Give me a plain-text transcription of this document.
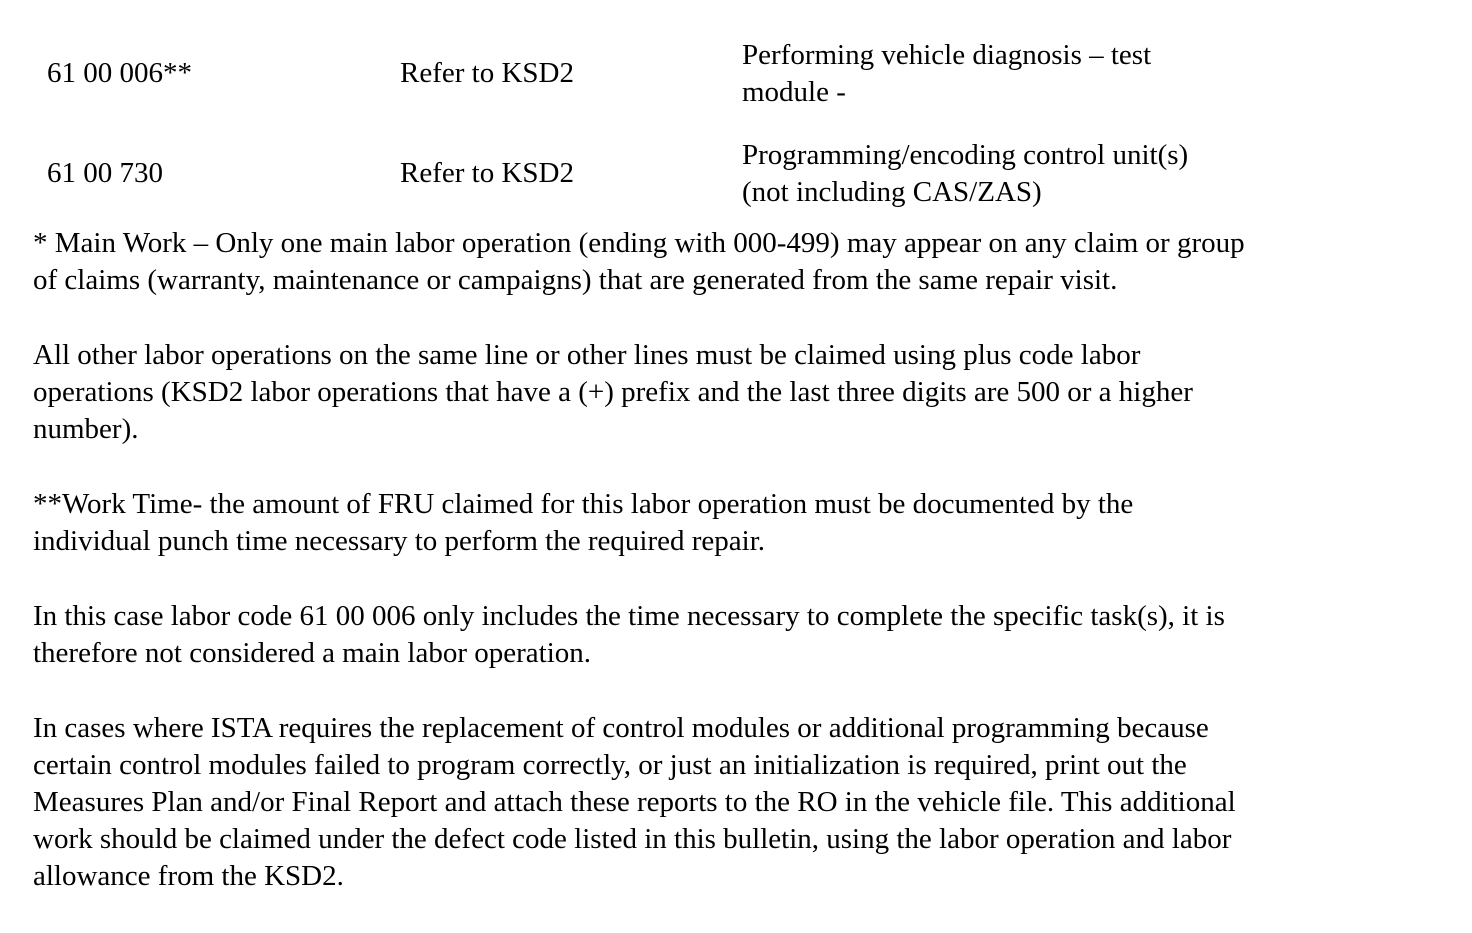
61 00 006**	Refer to KSD2
Performing vehicle diagnosis – test
module -
61 00 730	Refer to KSD2
Programming/encoding control unit(s)
(not including CAS/ZAS)

* Main Work – Only one main labor operation (ending with 000-499) may appear on any claim or group
of claims (warranty, maintenance or campaigns) that are generated from the same repair visit.

All other labor operations on the same line or other lines must be claimed using plus code labor
operations (KSD2 labor operations that have a (+) prefix and the last three digits are 500 or a higher
number).

**Work Time- the amount of FRU claimed for this labor operation must be documented by the
individual punch time necessary to perform the required repair.

In this case labor code 61 00 006 only includes the time necessary to complete the specific task(s), it is
therefore not considered a main labor operation.

In cases where ISTA requires the replacement of control modules or additional programming because
certain control modules failed to program correctly, or just an initialization is required, print out the
Measures Plan and/or Final Report and attach these reports to the RO in the vehicle file. This additional
work should be claimed under the defect code listed in this bulletin, using the labor operation and labor
allowance from the KSD2.
